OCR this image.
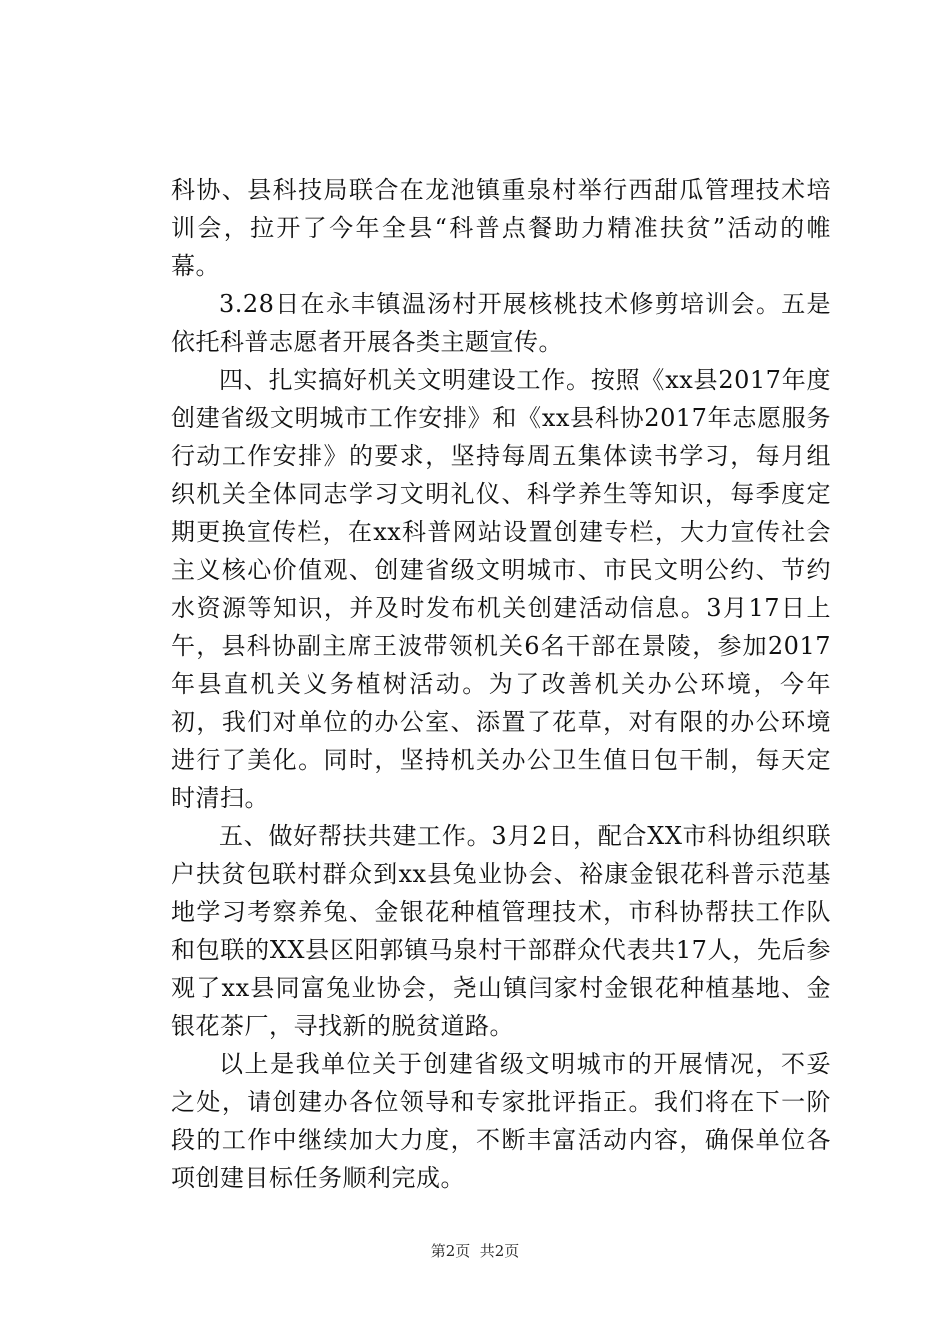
科协、县科技局联合在龙池镇重泉村举行西甜瓜管理技术培训会，拉开了今年全县“科普点餐助力精准扶贫”活动的帷幕。

3.28日在永丰镇温汤村开展核桃技术修剪培训会。五是依托科普志愿者开展各类主题宣传。

四、扎实搞好机关文明建设工作。按照《xx县2017年度创建省级文明城市工作安排》和《xx县科协2017年志愿服务行动工作安排》的要求，坚持每周五集体读书学习，每月组织机关全体同志学习文明礼仪、科学养生等知识，每季度定期更换宣传栏，在xx科普网站设置创建专栏，大力宣传社会主义核心价值观、创建省级文明城市、市民文明公约、节约水资源等知识，并及时发布机关创建活动信息。3月17日上午，县科协副主席王波带领机关6名干部在景陵，参加2017年县直机关义务植树活动。为了改善机关办公环境，今年初，我们对单位的办公室、添置了花草，对有限的办公环境进行了美化。同时，坚持机关办公卫生值日包干制，每天定时清扫。

五、做好帮扶共建工作。3月2日，配合XX市科协组织联户扶贫包联村群众到xx县兔业协会、裕康金银花科普示范基地学习考察养兔、金银花种植管理技术，市科协帮扶工作队和包联的XX县区阳郭镇马泉村干部群众代表共17人，先后参观了xx县同富兔业协会，尧山镇闫家村金银花种植基地、金银花茶厂，寻找新的脱贫道路。

以上是我单位关于创建省级文明城市的开展情况，不妥之处，请创建办各位领导和专家批评指正。我们将在下一阶段的工作中继续加大力度，不断丰富活动内容，确保单位各项创建目标任务顺利完成。

第2页  共2页
